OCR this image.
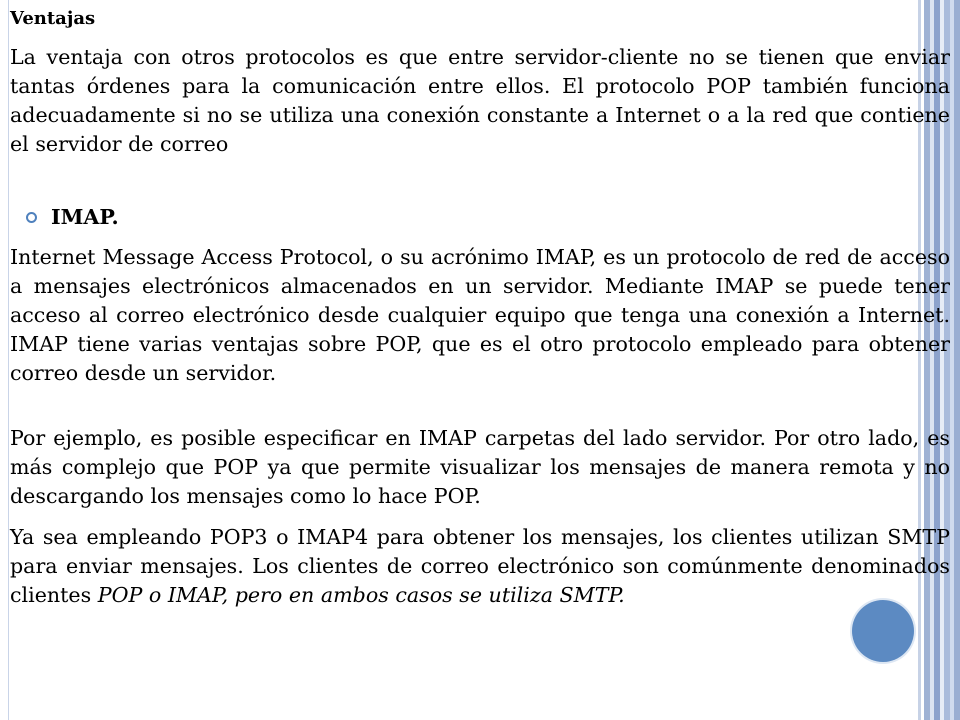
Ventajas

La ventaja con otros protocolos es que entre servidor-cliente no se tienen que enviar tantas órdenes para la comunicación entre ellos. El protocolo POP también funciona adecuadamente si no se utiliza una conexión constante a Internet o a la red que contiene el servidor de correo

IMAP.

Internet Message Access Protocol, o su acrónimo IMAP, es un protocolo de red de acceso a mensajes electrónicos almacenados en un servidor. Mediante IMAP se puede tener acceso al correo electrónico desde cualquier equipo que tenga una conexión a Internet. IMAP tiene varias ventajas sobre POP, que es el otro protocolo empleado para obtener correo desde un servidor.

Por ejemplo, es posible especificar en IMAP carpetas del lado servidor. Por otro lado, es más complejo que POP ya que permite visualizar los mensajes de manera remota y no descargando los mensajes como lo hace POP.

Ya sea empleando POP3 o IMAP4 para obtener los mensajes, los clientes utilizan SMTP para enviar mensajes. Los clientes de correo electrónico son comúnmente denominados clientes POP o IMAP, pero en ambos casos se utiliza SMTP.
